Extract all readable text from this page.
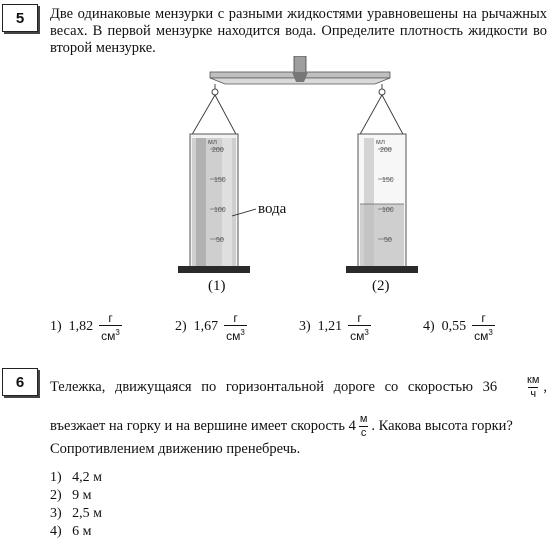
5 Две одинаковые мензурки с разными жидкостями уравновешены на рычажных весах. В первой мензурке находится вода. Определите плотность жидкости во второй мензурке.
мл
200
150
100
50
мл
200
150
100
50
вода
(1)	(2)
1)
$1,82 \frac{г}{см^3}$	2)
$1,67 \frac{г}{см^3}$	3)
$1,21 \frac{г}{см^3}$	4)
$0,55 \frac{г}{см^3}$
6 Тележка, движущаяся по горизонтальной дороге со скоростью 36	$\frac{км}{ч}$ ,
въезжает на горку и на вершине имеет скорость $4 \frac{м}{с}$ . Какова высота горки?
Сопротивлением движению пренебречь.
1) 4,2 м
2) 9 м
3) 2,5 м
4) 6 м
